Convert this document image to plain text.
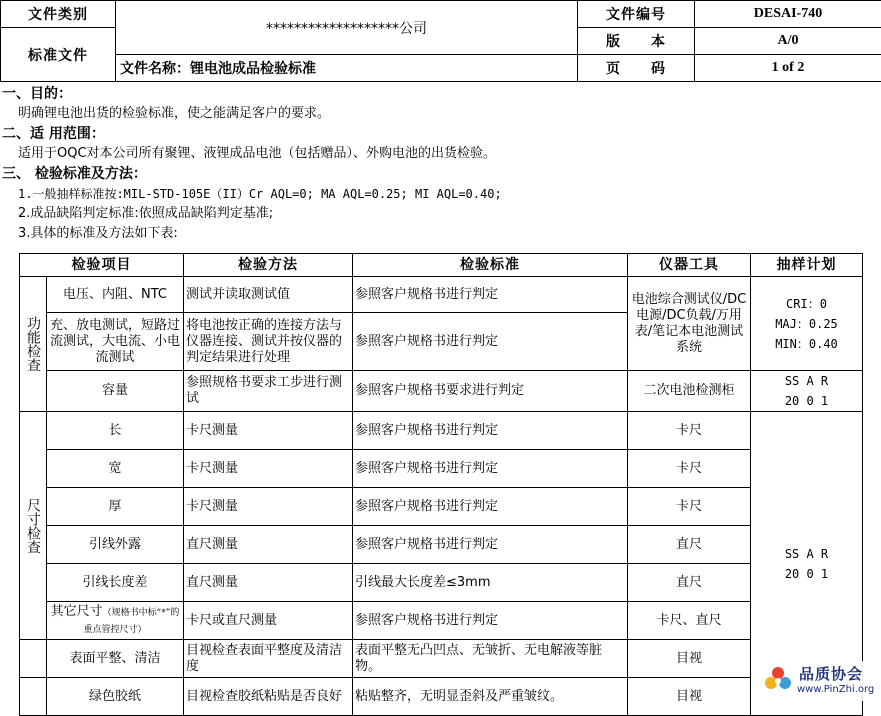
文件类别	*******************公司	文件编号	DESAI-740
标准文件		版　　本	A/0
	文件名称：锂电池成品检验标准	页　　码	1 of 2
一、目的：
明确锂电池出货的检验标准，使之能满足客户的要求。
二、适 用范围：
适用于OQC对本公司所有聚锂、液锂成品电池（包括赠品）、外购电池的出货检验。
三、 检验标准及方法：
1.一般抽样标准按:MIL-STD-105E（II）Cr AQL=0; MA AQL=0.25; MI AQL=0.40;
2.成品缺陷判定标准:依照成品缺陷判定基准;
3.具体的标准及方法如下表:
检验项目		检验方法	检验标准	仪器工具	抽样计划
功能检查	电压、内阻、NTC	测试并读取测试值	参照客户规格书进行判定	电池综合测试仪/DC电源/DC负载/万用表/笔记本电池测试系统	CRI：0
MAJ：0.25
MIN：0.40
	充、放电测试，短路过流测试，大电流、小电流测试	将电池按正确的连接方法与仪器连接、测试并按仪器的判定结果进行处理	参照客户规格书进行判定		
	容量	参照规格书要求工步进行测试	参照客户规格书要求进行判定	二次电池检测柜	SS A R
20 0 1
尺寸检查	长	卡尺测量	参照客户规格书进行判定	卡尺	SS A R
20 0 1
	宽	卡尺测量	参照客户规格书进行判定	卡尺	
	厚	卡尺测量	参照客户规格书进行判定	卡尺	
	引线外露	直尺测量	参照客户规格书进行判定	直尺	
	引线长度差	直尺测量	引线最大长度差≤3mm	直尺	
	其它尺寸（规格书中标“*”的重点管控尺寸）	卡尺或直尺测量	参照客户规格书进行判定	卡尺、直尺	
	表面平整、清洁	目视检查表面平整度及清洁度	表面平整无凸凹点、无皱折、无电解液等脏物。	目视	
	绿色胶纸	目视检查胶纸粘贴是否良好	粘贴整齐，无明显歪斜及严重皱纹。	目视	
品质协会
www.PinZhi.org
